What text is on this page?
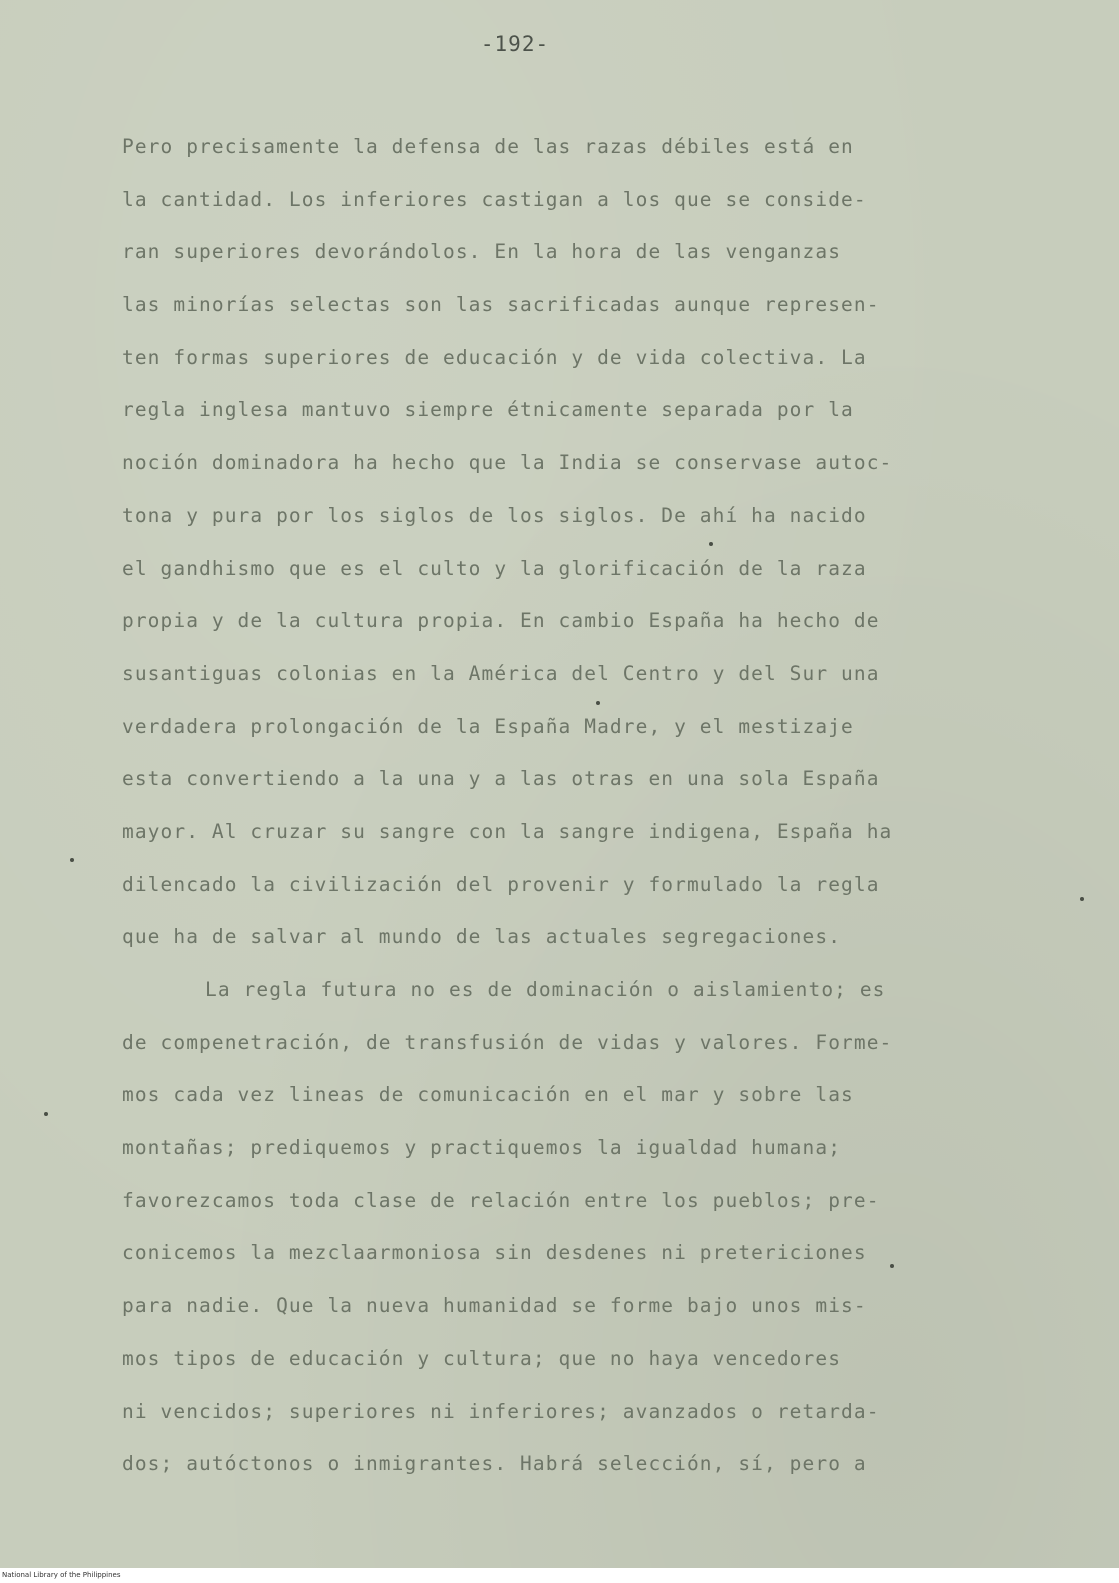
-192-
Pero precisamente la defensa de las razas débiles está en
la cantidad. Los inferiores castigan a los que se conside-
ran superiores devorándolos. En la hora de las venganzas
las minorías selectas son las sacrificadas aunque represen-
ten formas superiores de educación y de vida colectiva. La
regla inglesa mantuvo siempre étnicamente separada por la
noción dominadora ha hecho que la India se conservase autoc-
tona y pura por los siglos de los siglos. De ahí ha nacido
el gandhismo que es el culto y la glorificación de la raza
propia y de la cultura propia. En cambio España ha hecho de
susantiguas colonias en la América del Centro y del Sur una
verdadera prolongación de la España Madre, y el mestizaje
esta convertiendo a la una y a las otras en una sola España
mayor. Al cruzar su sangre con la sangre indigena, España ha
dilencado la civilización del provenir y formulado la regla
que ha de salvar al mundo de las actuales segregaciones.
La regla futura no es de dominación o aislamiento; es
de compenetración, de transfusión de vidas y valores. Forme-
mos cada vez lineas de comunicación en el mar y sobre las
montañas; prediquemos y practiquemos la igualdad humana;
favorezcamos toda clase de relación entre los pueblos; pre-
conicemos la mezclaarmoniosa sin desdenes ni preteriсiones
para nadie. Que la nueva humanidad se forme bajo unos mis-
mos tipos de educación y cultura; que no haya vencedores
ni vencidos; superiores ni inferiores; avanzados o retarda-
dos; autóctonos o inmigrantes. Habrá selección, sí, pero a
National Library of the Philippines
